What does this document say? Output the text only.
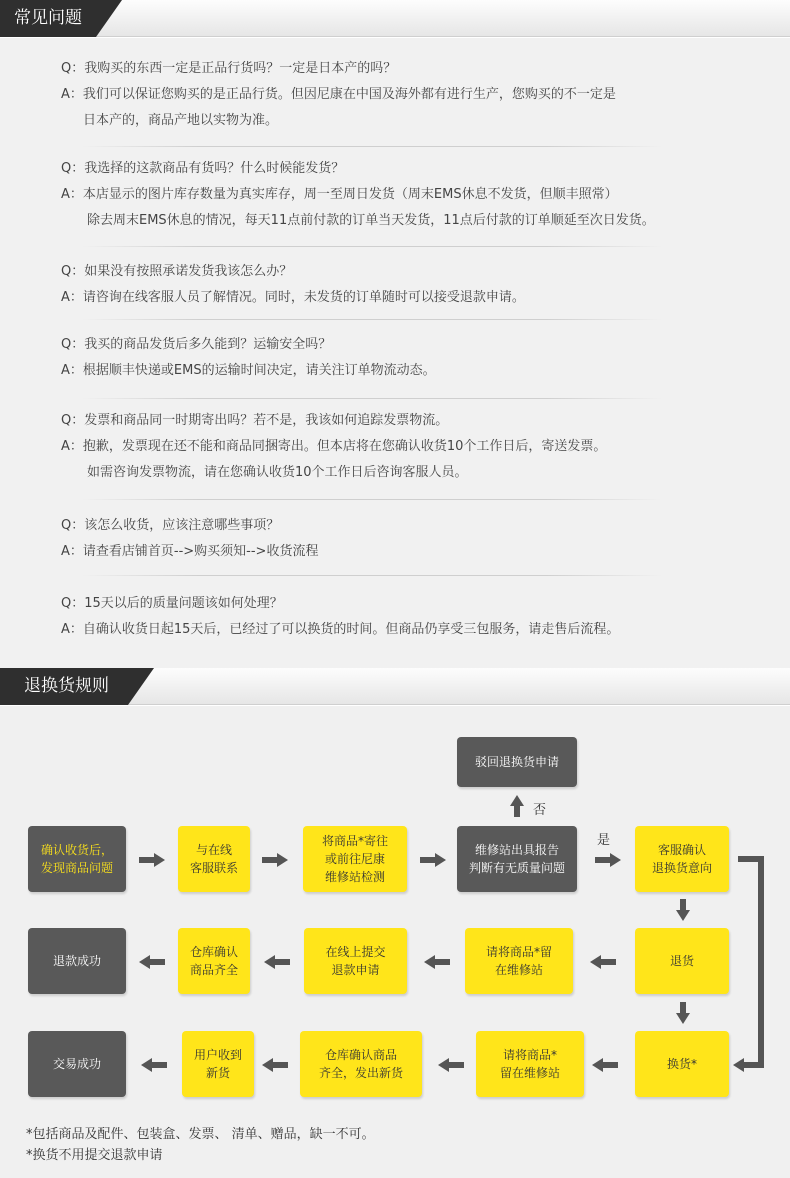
常见问题
Q：我购买的东西一定是正品行货吗？一定是日本产的吗？
A：我们可以保证您购买的是正品行货。但因尼康在中国及海外都有进行生产，您购买的不一定是
日本产的，商品产地以实物为准。
Q：我选择的这款商品有货吗？什么时候能发货？
A：本店显示的图片库存数量为真实库存，周一至周日发货（周末EMS休息不发货，但顺丰照常）
除去周末EMS休息的情况，每天11点前付款的订单当天发货，11点后付款的订单顺延至次日发货。
Q：如果没有按照承诺发货我该怎么办？
A：请咨询在线客服人员了解情况。同时，未发货的订单随时可以接受退款申请。
Q：我买的商品发货后多久能到？运输安全吗？
A：根据顺丰快递或EMS的运输时间决定，请关注订单物流动态。
Q：发票和商品同一时期寄出吗？若不是，我该如何追踪发票物流。
A：抱歉，发票现在还不能和商品同捆寄出。但本店将在您确认收货10个工作日后，寄送发票。
如需咨询发票物流，请在您确认收货10个工作日后咨询客服人员。
Q：该怎么收货，应该注意哪些事项？
A：请查看店铺首页-->购买须知-->收货流程
Q：15天以后的质量问题该如何处理？
A：自确认收货日起15天后，已经过了可以换货的时间。但商品仍享受三包服务，请走售后流程。
退换货规则
确认收货后，
发现商品问题
与在线
客服联系
将商品*寄往
或前往尼康
维修站检测
维修站出具报告
判断有无质量问题
驳回退换货申请
否
是
客服确认
退换货意向
退货
请将商品*留
在维修站
在线上提交
退款申请
仓库确认
商品齐全
退款成功
换货*
请将商品*
留在维修站
仓库确认商品
齐全，发出新货
用户收到
新货
交易成功
*包括商品及配件、包装盒、发票、 清单、赠品，缺一不可。
*换货不用提交退款申请
